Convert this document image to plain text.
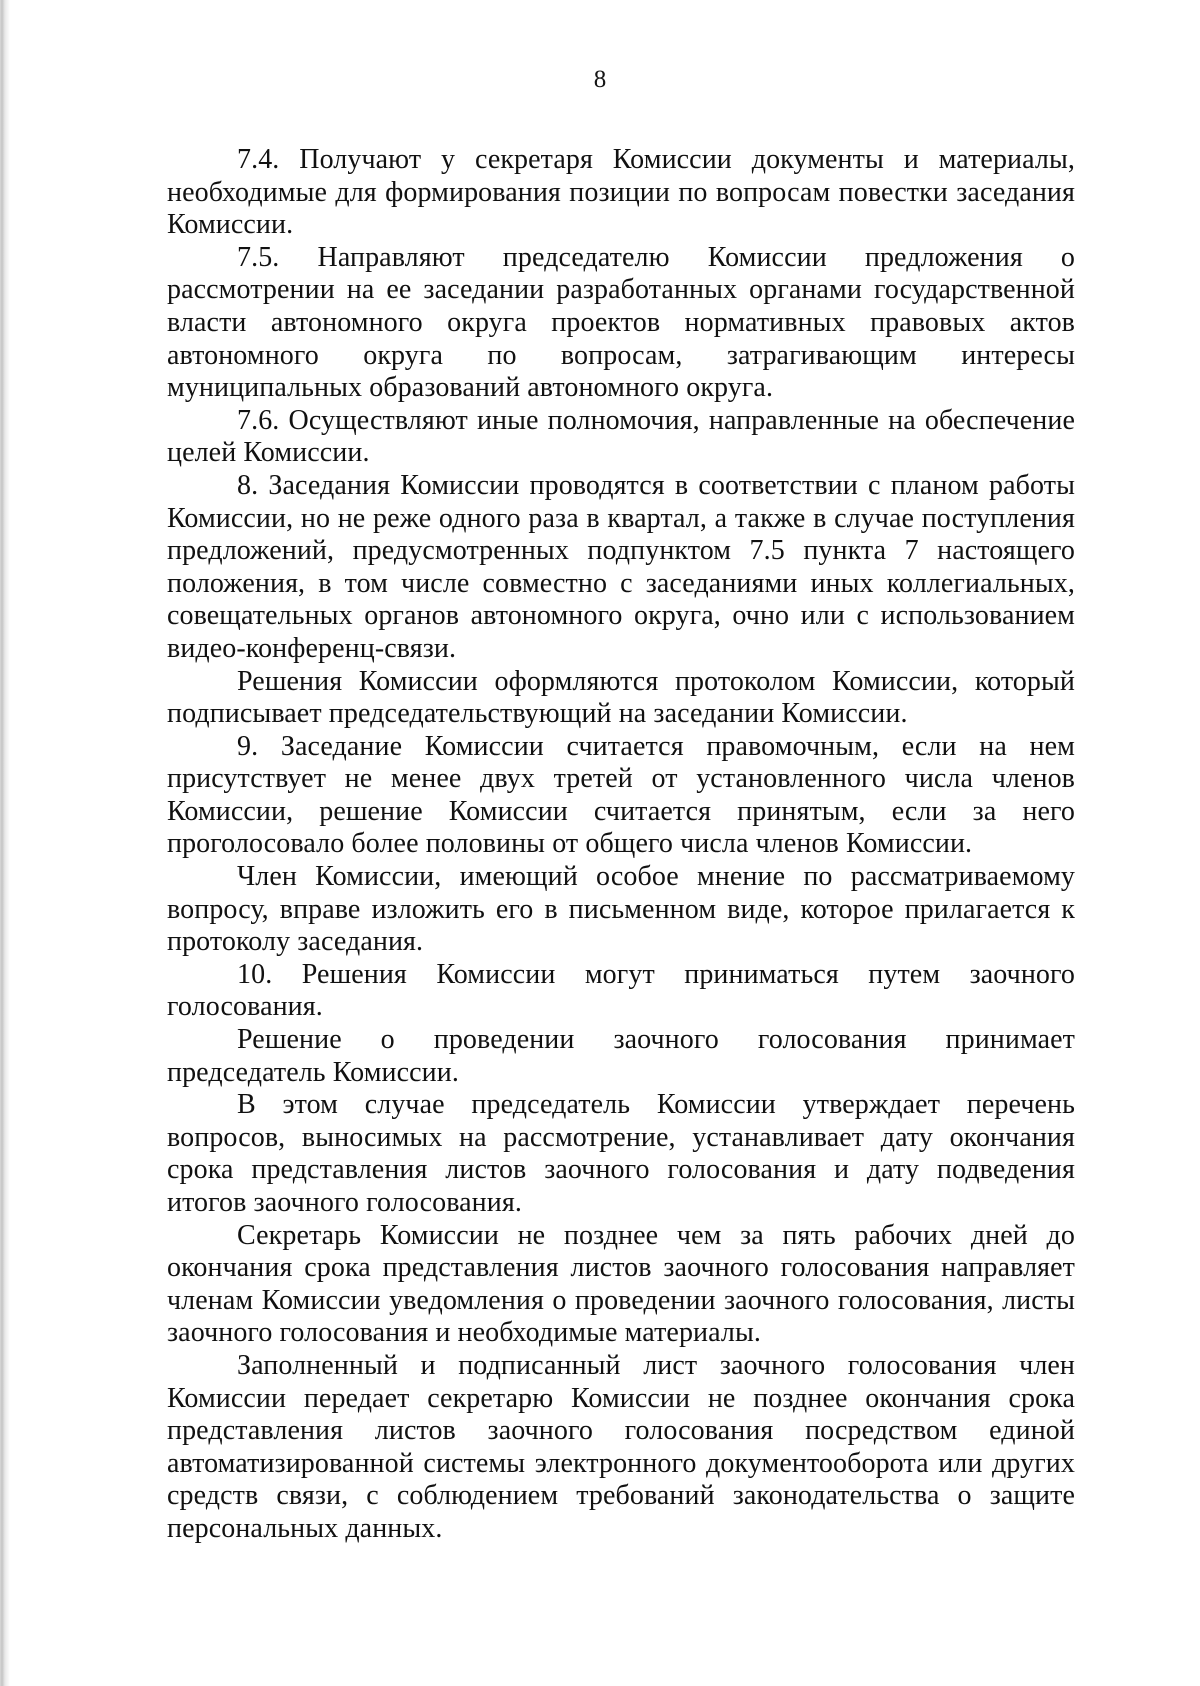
8

7.4. Получают у секретаря Комиссии документы и материалы, необходимые для формирования позиции по вопросам повестки заседания Комиссии.

7.5. Направляют председателю Комиссии предложения о рассмотрении на ее заседании разработанных органами государственной власти автономного округа проектов нормативных правовых актов автономного округа по вопросам, затрагивающим интересы муниципальных образований автономного округа.

7.6. Осуществляют иные полномочия, направленные на обеспечение целей Комиссии.

8. Заседания Комиссии проводятся в соответствии с планом работы Комиссии, но не реже одного раза в квартал, а также в случае поступления предложений, предусмотренных подпунктом 7.5 пункта 7 настоящего положения, в том числе совместно с заседаниями иных коллегиальных, совещательных органов автономного округа, очно или с использованием видео-конференц-связи.

Решения Комиссии оформляются протоколом Комиссии, который подписывает председательствующий на заседании Комиссии.

9. Заседание Комиссии считается правомочным, если на нем присутствует не менее двух третей от установленного числа членов Комиссии, решение Комиссии считается принятым, если за него проголосовало более половины от общего числа членов Комиссии.

Член Комиссии, имеющий особое мнение по рассматриваемому вопросу, вправе изложить его в письменном виде, которое прилагается к протоколу заседания.

10. Решения Комиссии могут приниматься путем заочного голосования.

Решение о проведении заочного голосования принимает председатель Комиссии.

В этом случае председатель Комиссии утверждает перечень вопросов, выносимых на рассмотрение, устанавливает дату окончания срока представления листов заочного голосования и дату подведения итогов заочного голосования.

Секретарь Комиссии не позднее чем за пять рабочих дней до окончания срока представления листов заочного голосования направляет членам Комиссии уведомления о проведении заочного голосования, листы заочного голосования и необходимые материалы.

Заполненный и подписанный лист заочного голосования член Комиссии передает секретарю Комиссии не позднее окончания срока представления листов заочного голосования посредством единой автоматизированной системы электронного документооборота или других средств связи, с соблюдением требований законодательства о защите персональных данных.
